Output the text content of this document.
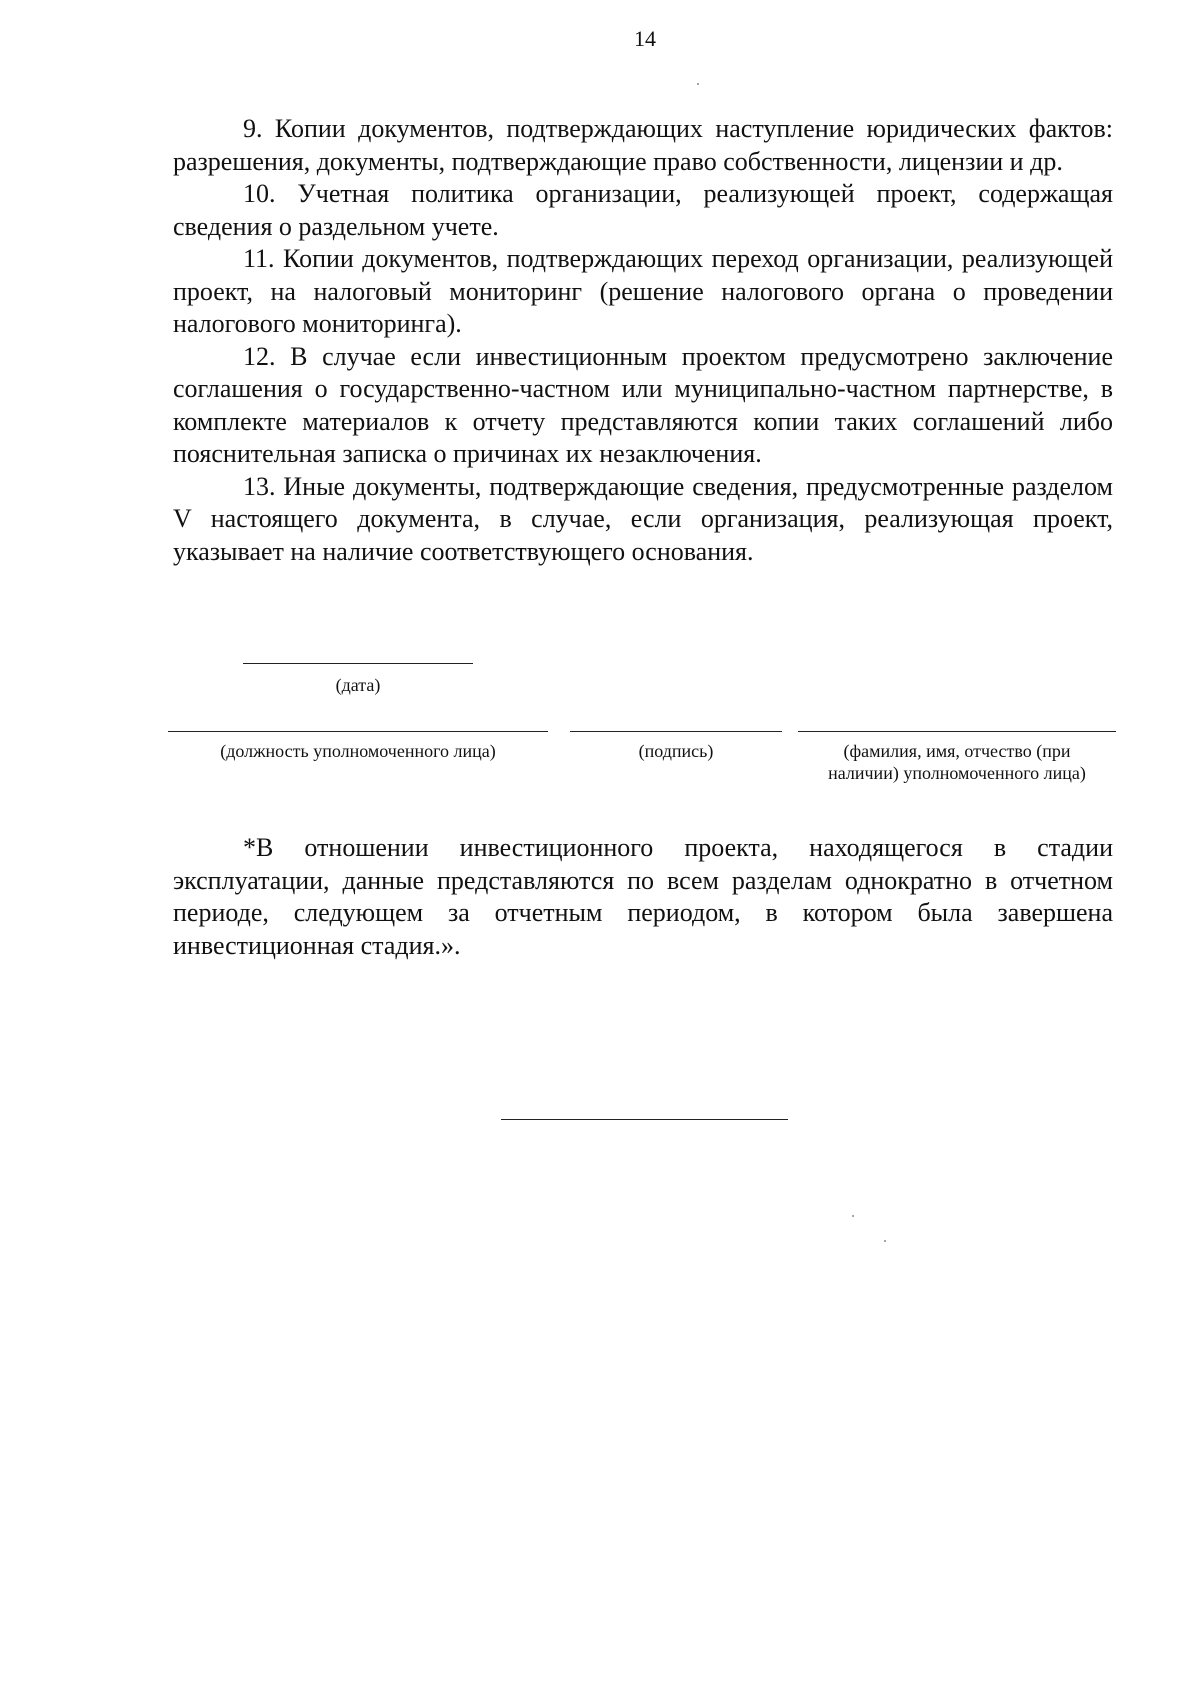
14

9. Копии документов, подтверждающих наступление юридических фактов: разрешения, документы, подтверждающие право собственности, лицензии и др.

10. Учетная политика организации, реализующей проект, содержащая сведения о раздельном учете.

11. Копии документов, подтверждающих переход организации, реализующей проект, на налоговый мониторинг (решение налогового органа о проведении налогового мониторинга).

12. В случае если инвестиционным проектом предусмотрено заключение соглашения о государственно-частном или муниципально-частном партнерстве, в комплекте материалов к отчету представляются копии таких соглашений либо пояснительная записка о причинах их незаключения.

13. Иные документы, подтверждающие сведения, предусмотренные разделом V настоящего документа, в случае, если организация, реализующая проект, указывает на наличие соответствующего основания.

(дата)
(должность уполномоченного лица)	(подпись)	(фамилия, имя, отчество (при наличии) уполномоченного лица)

*В отношении инвестиционного проекта, находящегося в стадии эксплуатации, данные представляются по всем разделам однократно в отчетном периоде, следующем за отчетным периодом, в котором была завершена инвестиционная стадия.».
